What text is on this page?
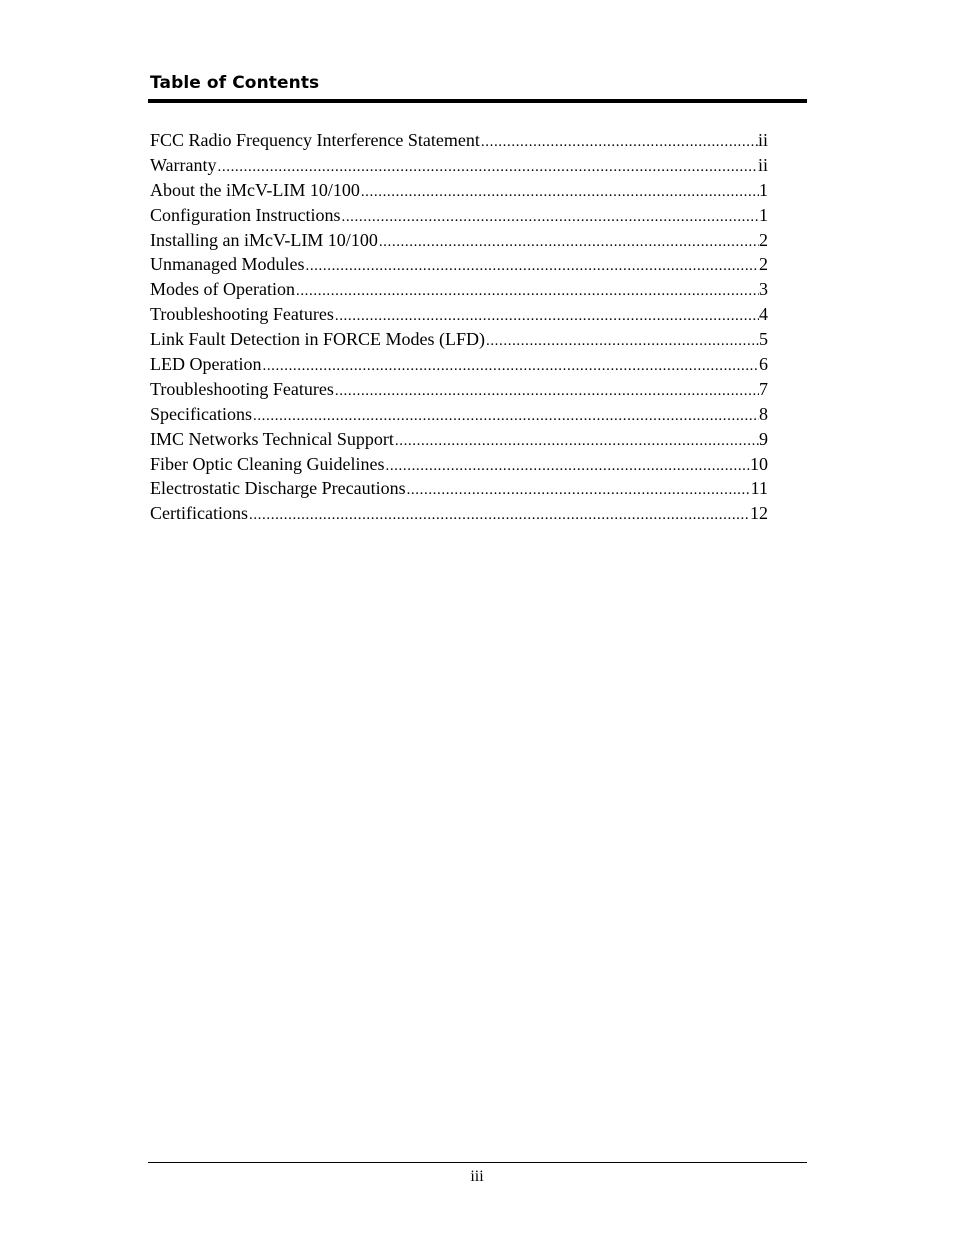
Table of Contents
FCC Radio Frequency Interference Statement .....	ii
Warranty .....	ii
About the iMcV-LIM 10/100 .....	1
Configuration Instructions .....	1
Installing an iMcV-LIM 10/100 .....	2
Unmanaged Modules .....	2
Modes of Operation .....	3
Troubleshooting Features .....	4
Link Fault Detection in FORCE Modes (LFD) .....	5
LED Operation .....	6
Troubleshooting Features .....	7
Specifications .....	8
IMC Networks Technical Support .....	9
Fiber Optic Cleaning Guidelines .....	10
Electrostatic Discharge Precautions .....	11
Certifications .....	12
iii
